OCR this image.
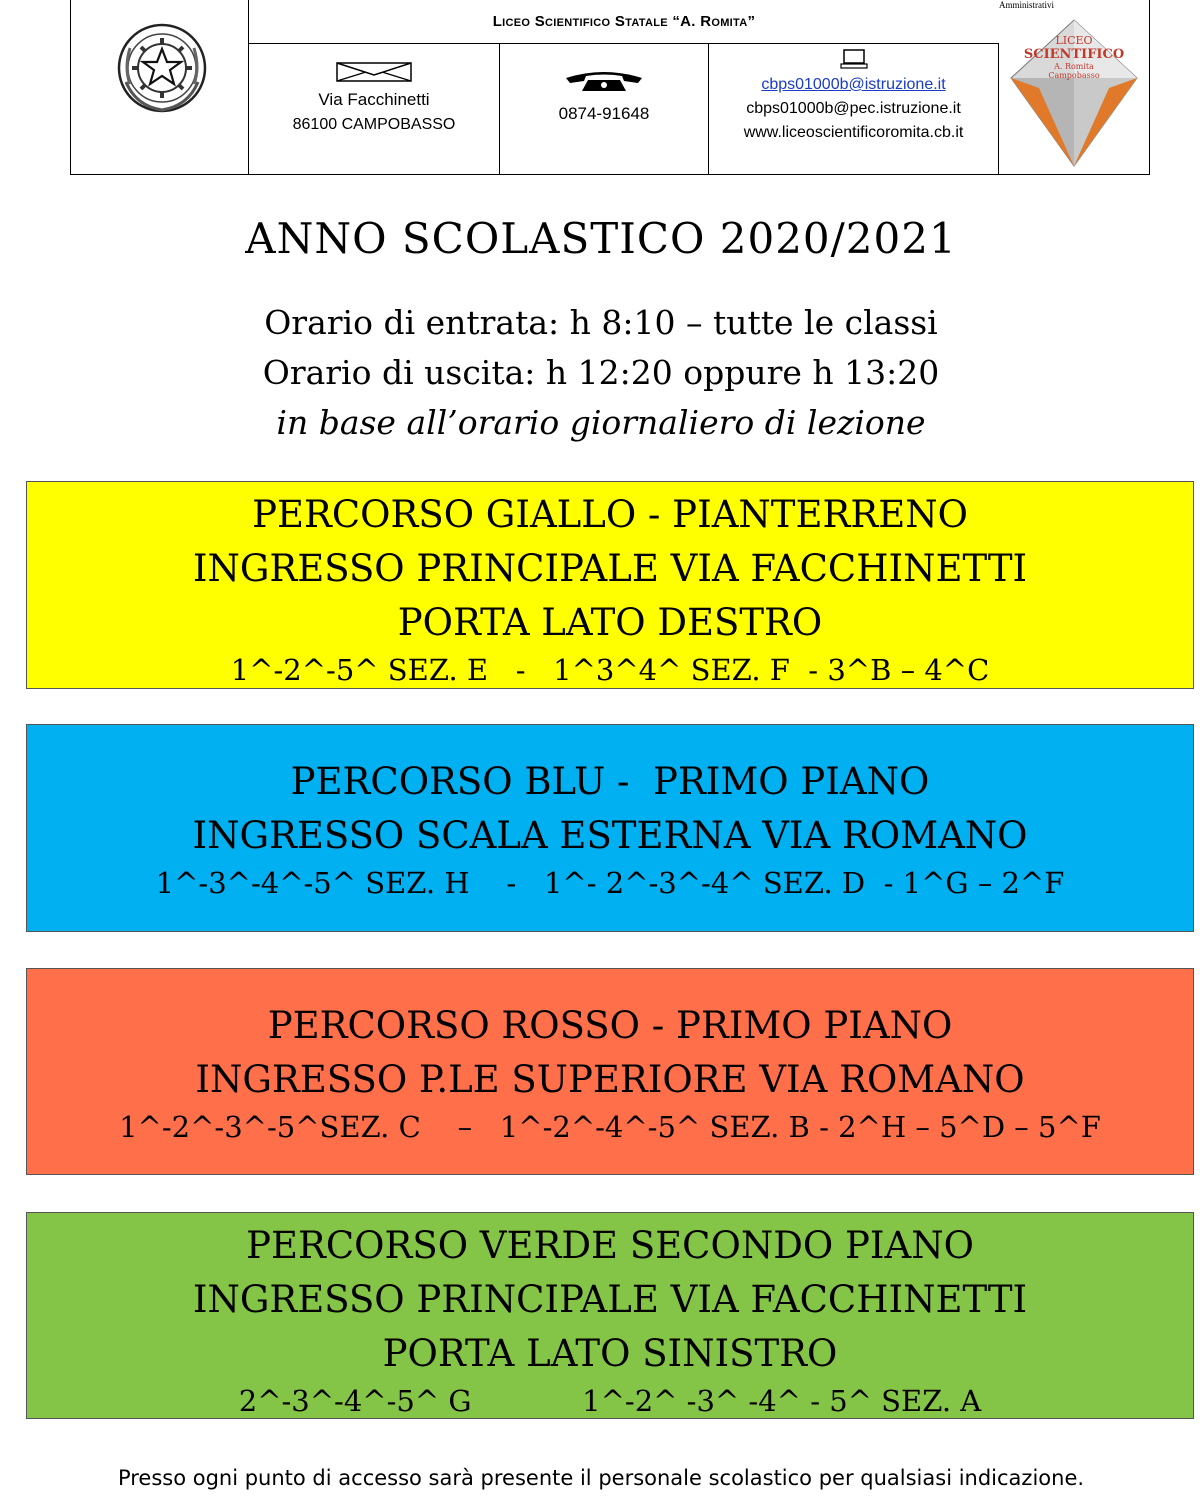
Liceo Scientifico Statale “A. Romita”
Via Facchinetti
86100 CAMPOBASSO
0874-91648
cbps01000b@istruzione.it
cbps01000b@pec.istruzione.it
www.liceoscientificoromita.cb.it
Amministrativi
LICEO
SCIENTIFICO
A. Romita
Campobasso
ANNO SCOLASTICO 2020/2021
Orario di entrata: h 8:10 – tutte le classi
Orario di uscita: h 12:20 oppure h 13:20
in base all’orario giornaliero di lezione
PERCORSO GIALLO - PIANTERRENO
INGRESSO PRINCIPALE VIA FACCHINETTI
PORTA LATO DESTRO
1^-2^-5^ SEZ. E   -   1^3^4^ SEZ. F  - 3^B – 4^C
PERCORSO BLU -  PRIMO PIANO
INGRESSO SCALA ESTERNA VIA ROMANO
1^-3^-4^-5^ SEZ. H    -   1^- 2^-3^-4^ SEZ. D  - 1^G – 2^F
PERCORSO ROSSO - PRIMO PIANO
INGRESSO P.LE SUPERIORE VIA ROMANO
1^-2^-3^-5^SEZ. C    –   1^-2^-4^-5^ SEZ. B - 2^H – 5^D – 5^F
PERCORSO VERDE SECONDO PIANO
INGRESSO PRINCIPALE VIA FACCHINETTI
PORTA LATO SINISTRO
2^-3^-4^-5^ G            1^-2^ -3^ -4^ - 5^ SEZ. A
Presso ogni punto di accesso sarà presente il personale scolastico per qualsiasi indicazione.
